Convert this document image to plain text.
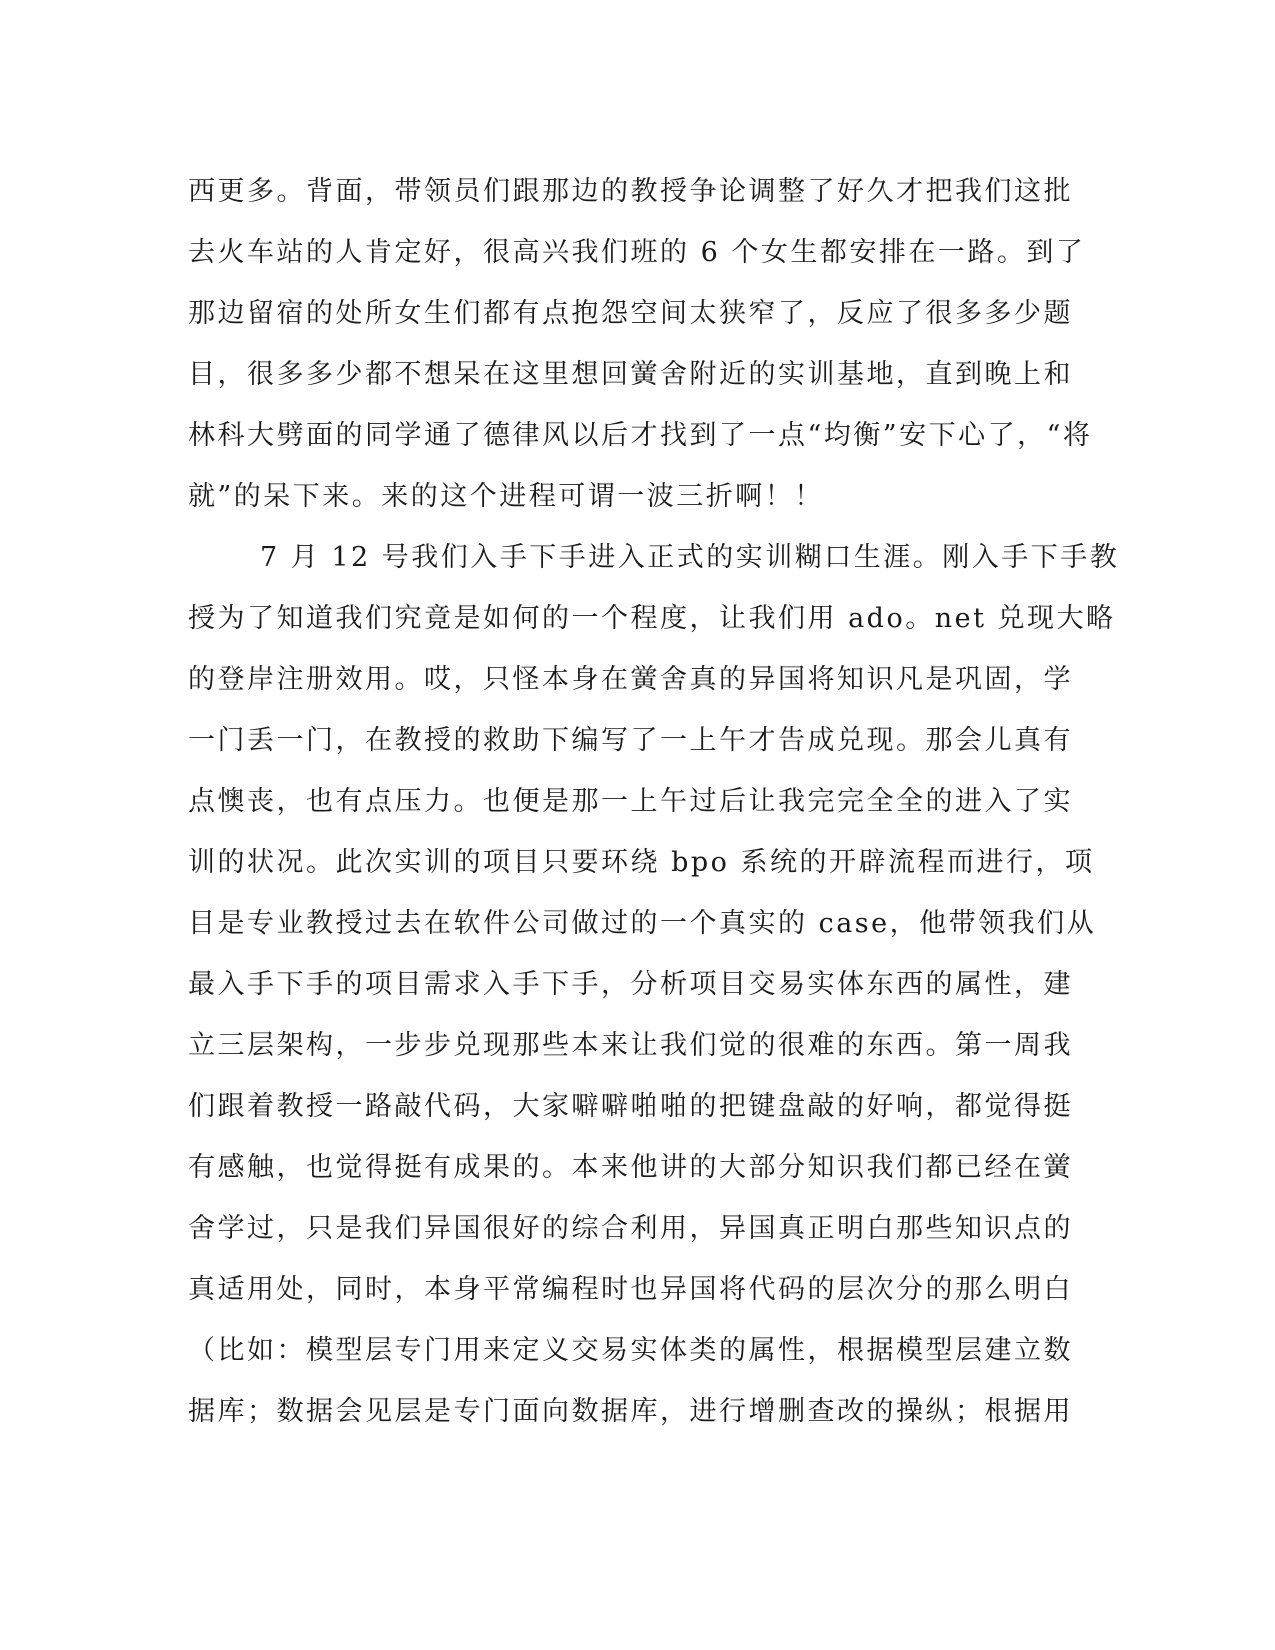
西更多。背面，带领员们跟那边的教授争论调整了好久才把我们这批
去火车站的人肯定好，很高兴我们班的 6 个女生都安排在一路。到了
那边留宿的处所女生们都有点抱怨空间太狭窄了，反应了很多多少题
目，很多多少都不想呆在这里想回黉舍附近的实训基地，直到晚上和
林科大劈面的同学通了德律风以后才找到了一点“均衡”安下心了，“将
就”的呆下来。来的这个进程可谓一波三折啊！！
7 月 12 号我们入手下手进入正式的实训糊口生涯。刚入手下手教
授为了知道我们究竟是如何的一个程度，让我们用 ado。net 兑现大略
的登岸注册效用。哎，只怪本身在黉舍真的异国将知识凡是巩固，学
一门丢一门，在教授的救助下编写了一上午才告成兑现。那会儿真有
点懊丧，也有点压力。也便是那一上午过后让我完完全全的进入了实
训的状况。此次实训的项目只要环绕 bpo 系统的开辟流程而进行，项
目是专业教授过去在软件公司做过的一个真实的 case，他带领我们从
最入手下手的项目需求入手下手，分析项目交易实体东西的属性，建
立三层架构，一步步兑现那些本来让我们觉的很难的东西。第一周我
们跟着教授一路敲代码，大家噼噼啪啪的把键盘敲的好响，都觉得挺
有感触，也觉得挺有成果的。本来他讲的大部分知识我们都已经在黉
舍学过，只是我们异国很好的综合利用，异国真正明白那些知识点的
真适用处，同时，本身平常编程时也异国将代码的层次分的那么明白
（比如：模型层专门用来定义交易实体类的属性，根据模型层建立数
据库；数据会见层是专门面向数据库，进行增删查改的操纵；根据用
